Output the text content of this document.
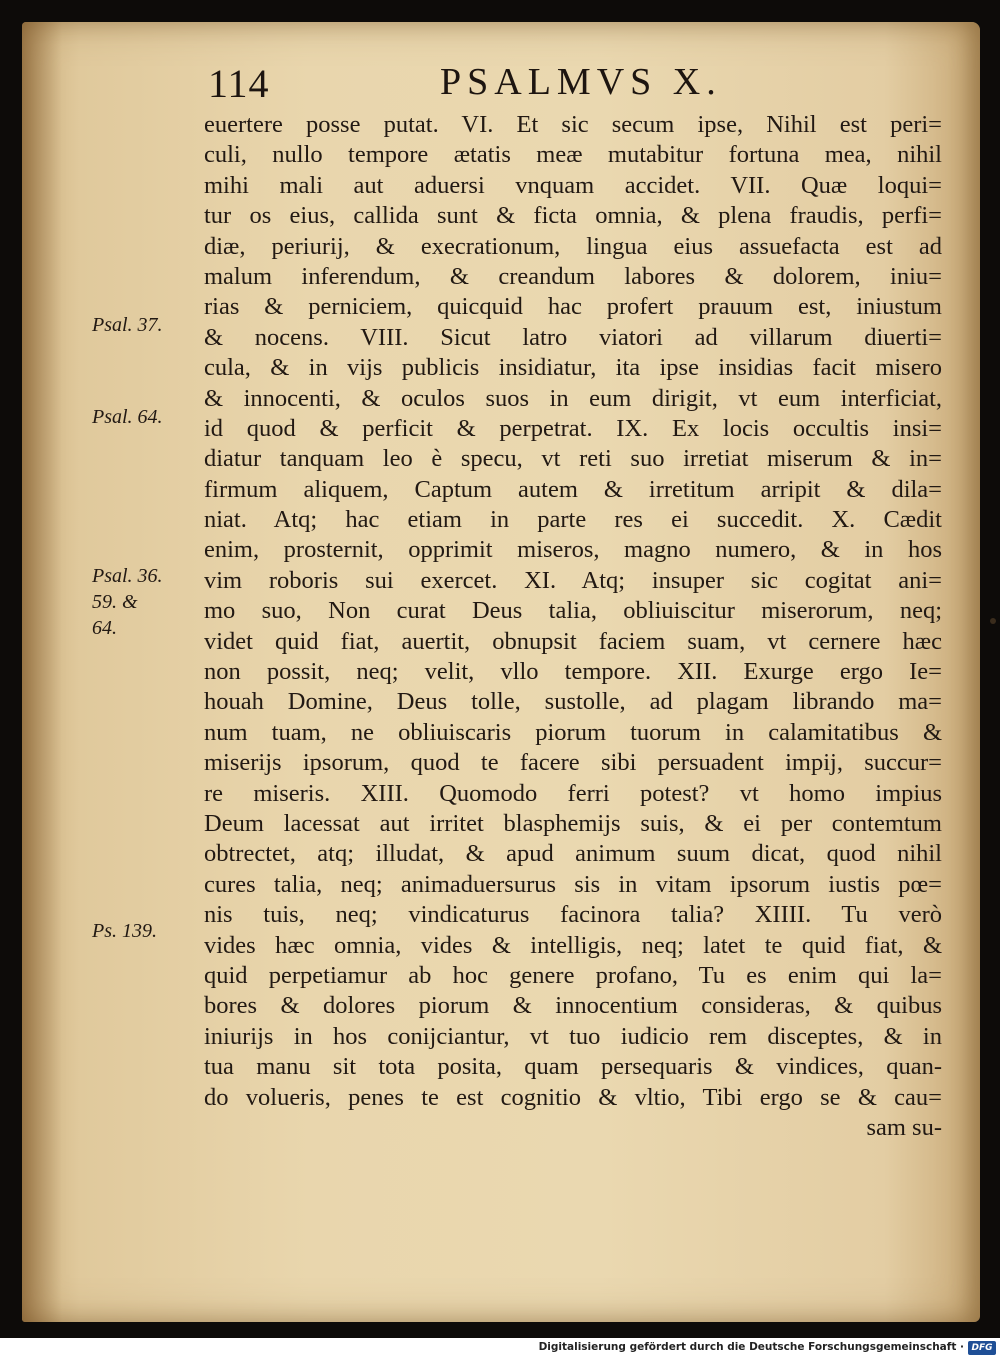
114	PSALMVS X.
euertere posse putat. VI. Et sic secum ipse, Nihil est peri=
culi, nullo tempore ætatis meæ mutabitur fortuna mea, nihil
mihi mali aut aduersi vnquam accidet. VII. Quæ loqui=
tur os eius, callida sunt & ficta omnia, & plena fraudis, perfi=
diæ, periurij, & execrationum, lingua eius assuefacta est ad
malum inferendum, & creandum labores & dolorem, iniu=
rias & perniciem, quicquid hac profert prauum est, iniustum
& nocens. VIII. Sicut latro viatori ad villarum diuerti=
cula, & in vijs publicis insidiatur, ita ipse insidias facit misero
& innocenti, & oculos suos in eum dirigit, vt eum interficiat,
id quod & perficit & perpetrat. IX. Ex locis occultis insi=
diatur tanquam leo è specu, vt reti suo irretiat miserum & in=
firmum aliquem, Captum autem & irretitum arripit & dila=
niat. Atq; hac etiam in parte res ei succedit. X. Cædit
enim, prosternit, opprimit miseros, magno numero, & in hos
vim roboris sui exercet. XI. Atq; insuper sic cogitat ani=
mo suo, Non curat Deus talia, obliuiscitur miserorum, neq;
videt quid fiat, auertit, obnupsit faciem suam, vt cernere hæc
non possit, neq; velit, vllo tempore. XII. Exurge ergo Ie=
houah Domine, Deus tolle, sustolle, ad plagam librando ma=
num tuam, ne obliuiscaris piorum tuorum in calamitatibus &
miserijs ipsorum, quod te facere sibi persuadent impij, succur=
re miseris. XIII. Quomodo ferri potest? vt homo impius
Deum lacessat aut irritet blasphemijs suis, & ei per contemtum
obtrectet, atq; illudat, & apud animum suum dicat, quod nihil
cures talia, neq; animaduersurus sis in vitam ipsorum iustis pœ=
nis tuis, neq; vindicaturus facinora talia? XIIII. Tu verò
vides hæc omnia, vides & intelligis, neq; latet te quid fiat, &
quid perpetiamur ab hoc genere profano, Tu es enim qui la=
bores & dolores piorum & innocentium consideras, & quibus
iniurijs in hos conijciantur, vt tuo iudicio rem disceptes, & in
tua manu sit tota posita, quam persequaris & vindices, quan-
do volueris, penes te est cognitio & vltio, Tibi ergo se & cau=
sam su-
Psal. 37.
Psal. 64.
Psal. 36.
59. &
64.
Ps. 139.
Digitalisierung gefördert durch die Deutsche Forschungsgemeinschaft · DFG
